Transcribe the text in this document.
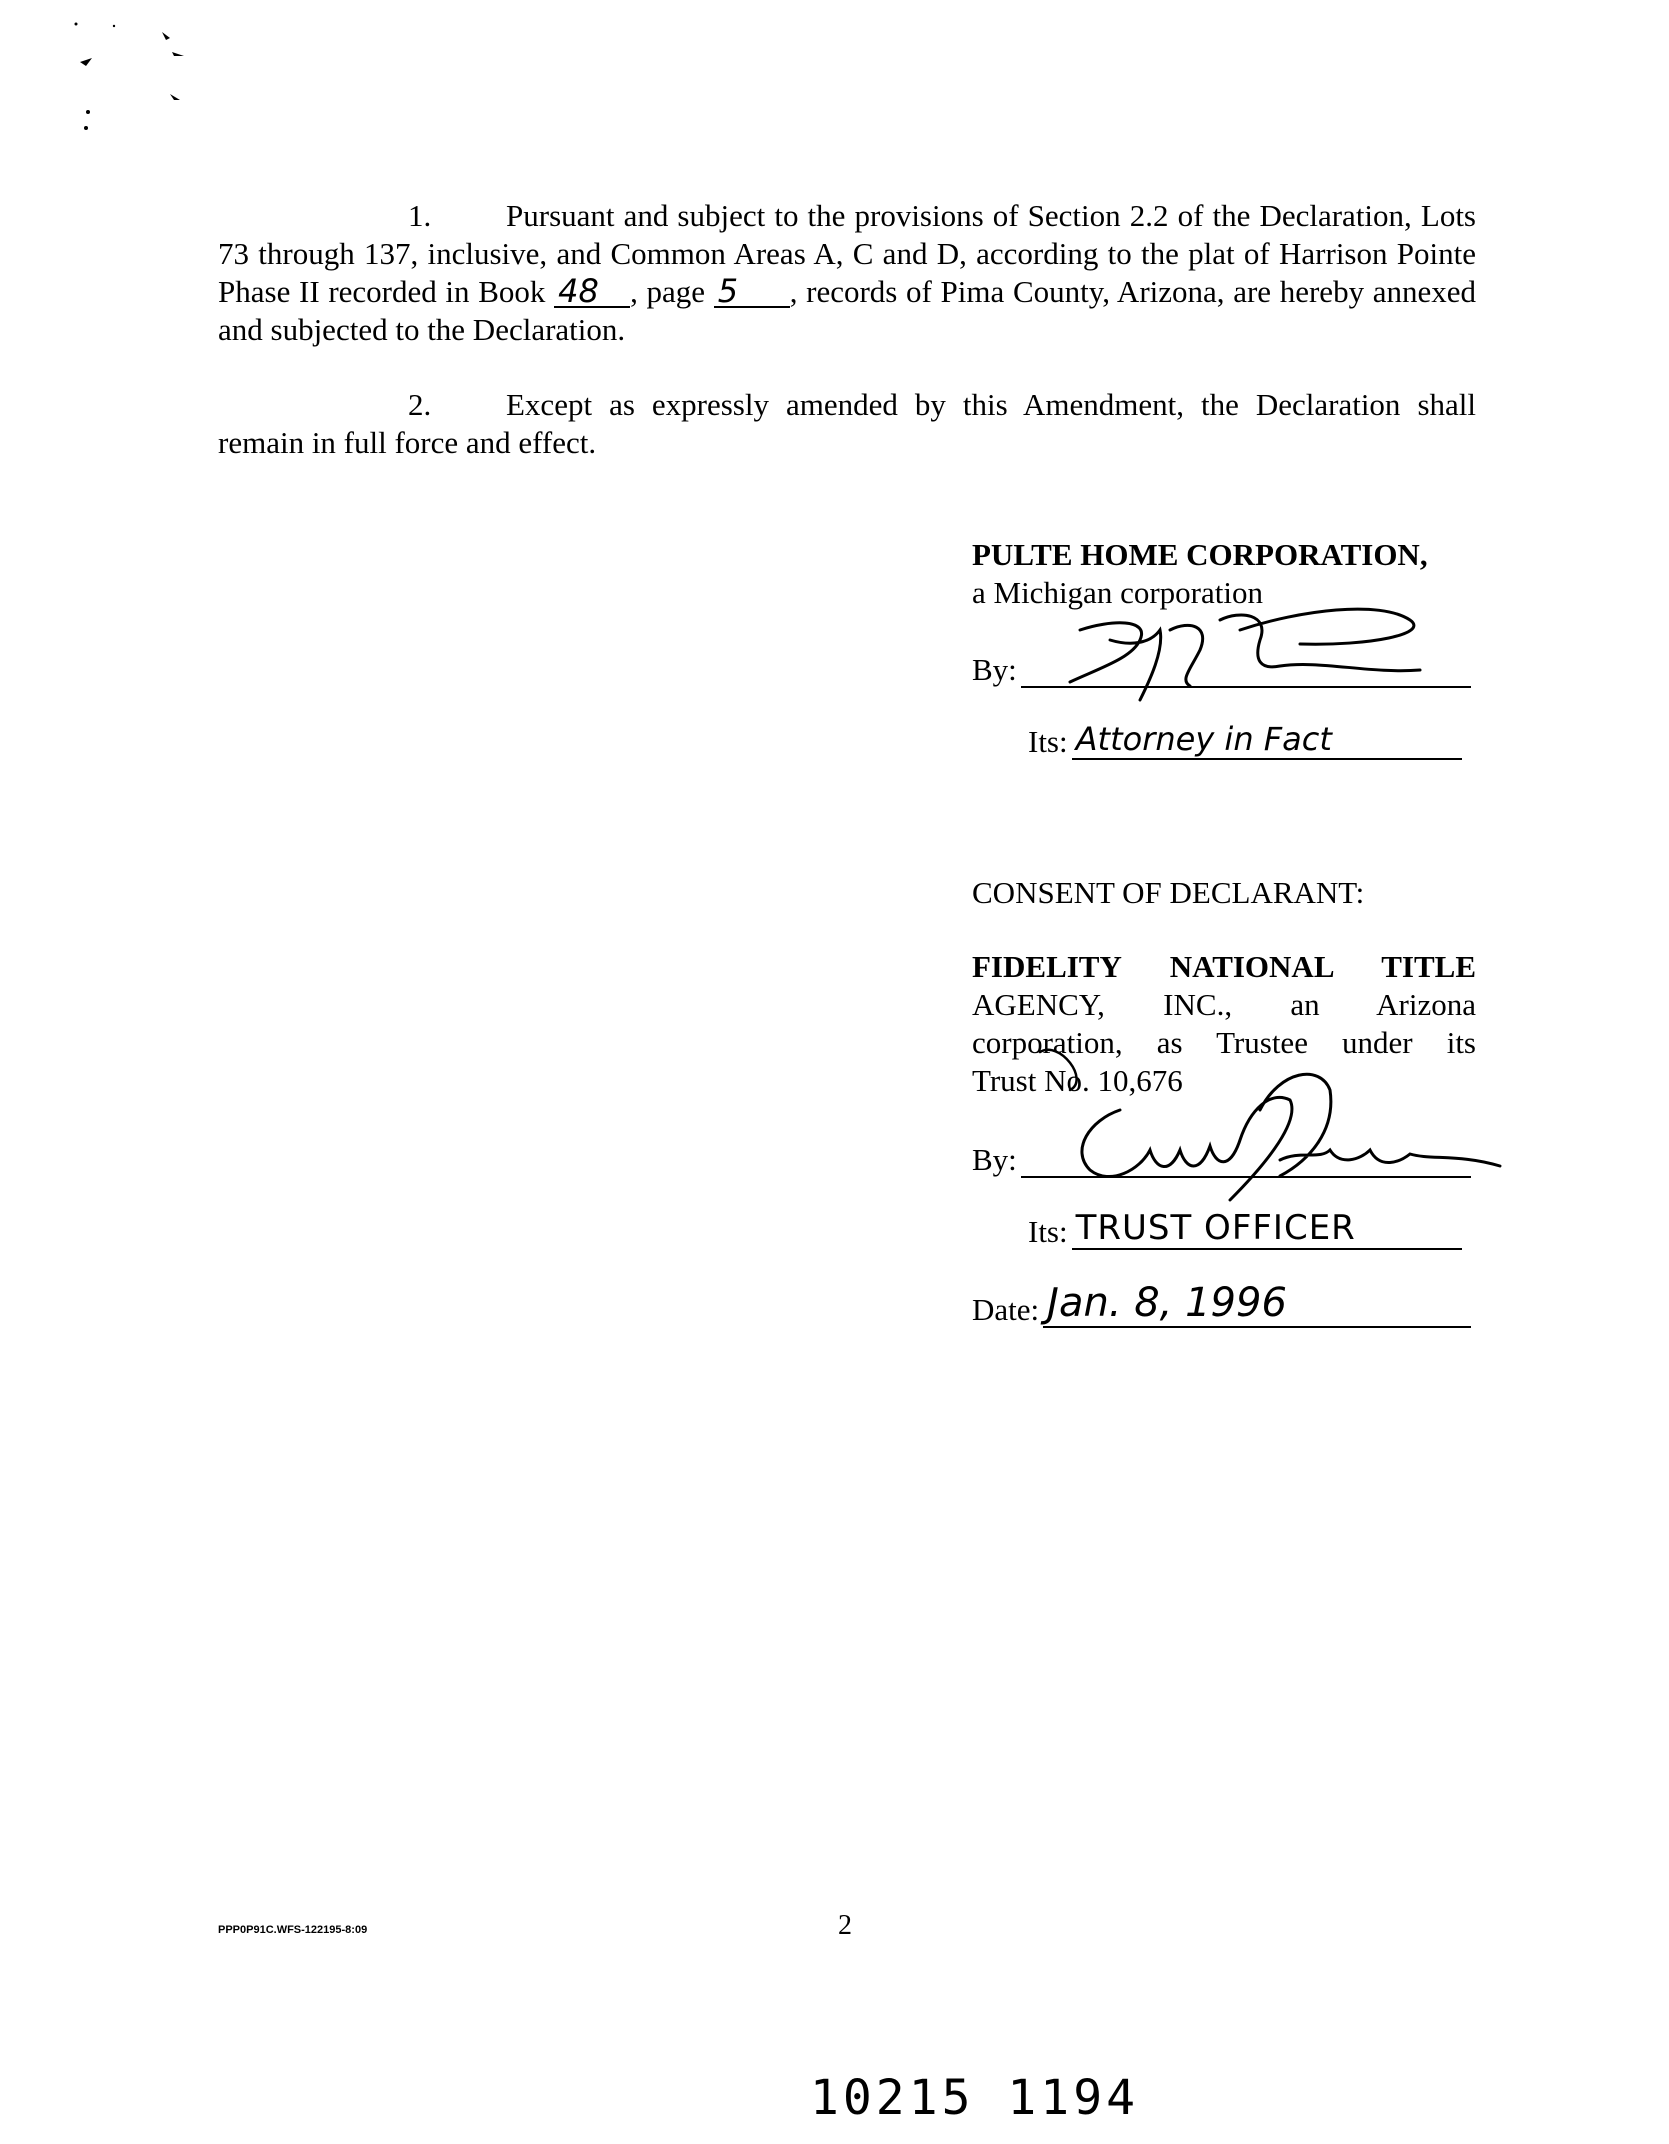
1. Pursuant and subject to the provisions of Section 2.2 of the Declaration, Lots 73 through 137, inclusive, and Common Areas A, C and D, according to the plat of Harrison Pointe Phase II recorded in Book 48 , page 5 , records of Pima County, Arizona, are hereby annexed and subjected to the Declaration.
2. Except as expressly amended by this Amendment, the Declaration shall remain in full force and effect.
PULTE HOME CORPORATION,
a Michigan corporation
By:
Its: Attorney in Fact
CONSENT OF DECLARANT:
FIDELITY NATIONAL TITLE
AGENCY, INC., an Arizona
corporation, as Trustee under its
Trust No. 10,676
By:
Its: TRUST OFFICER
Date: Jan. 8, 1996
PPP0P91C.WFS-122195-8:09	2
10215 1194
